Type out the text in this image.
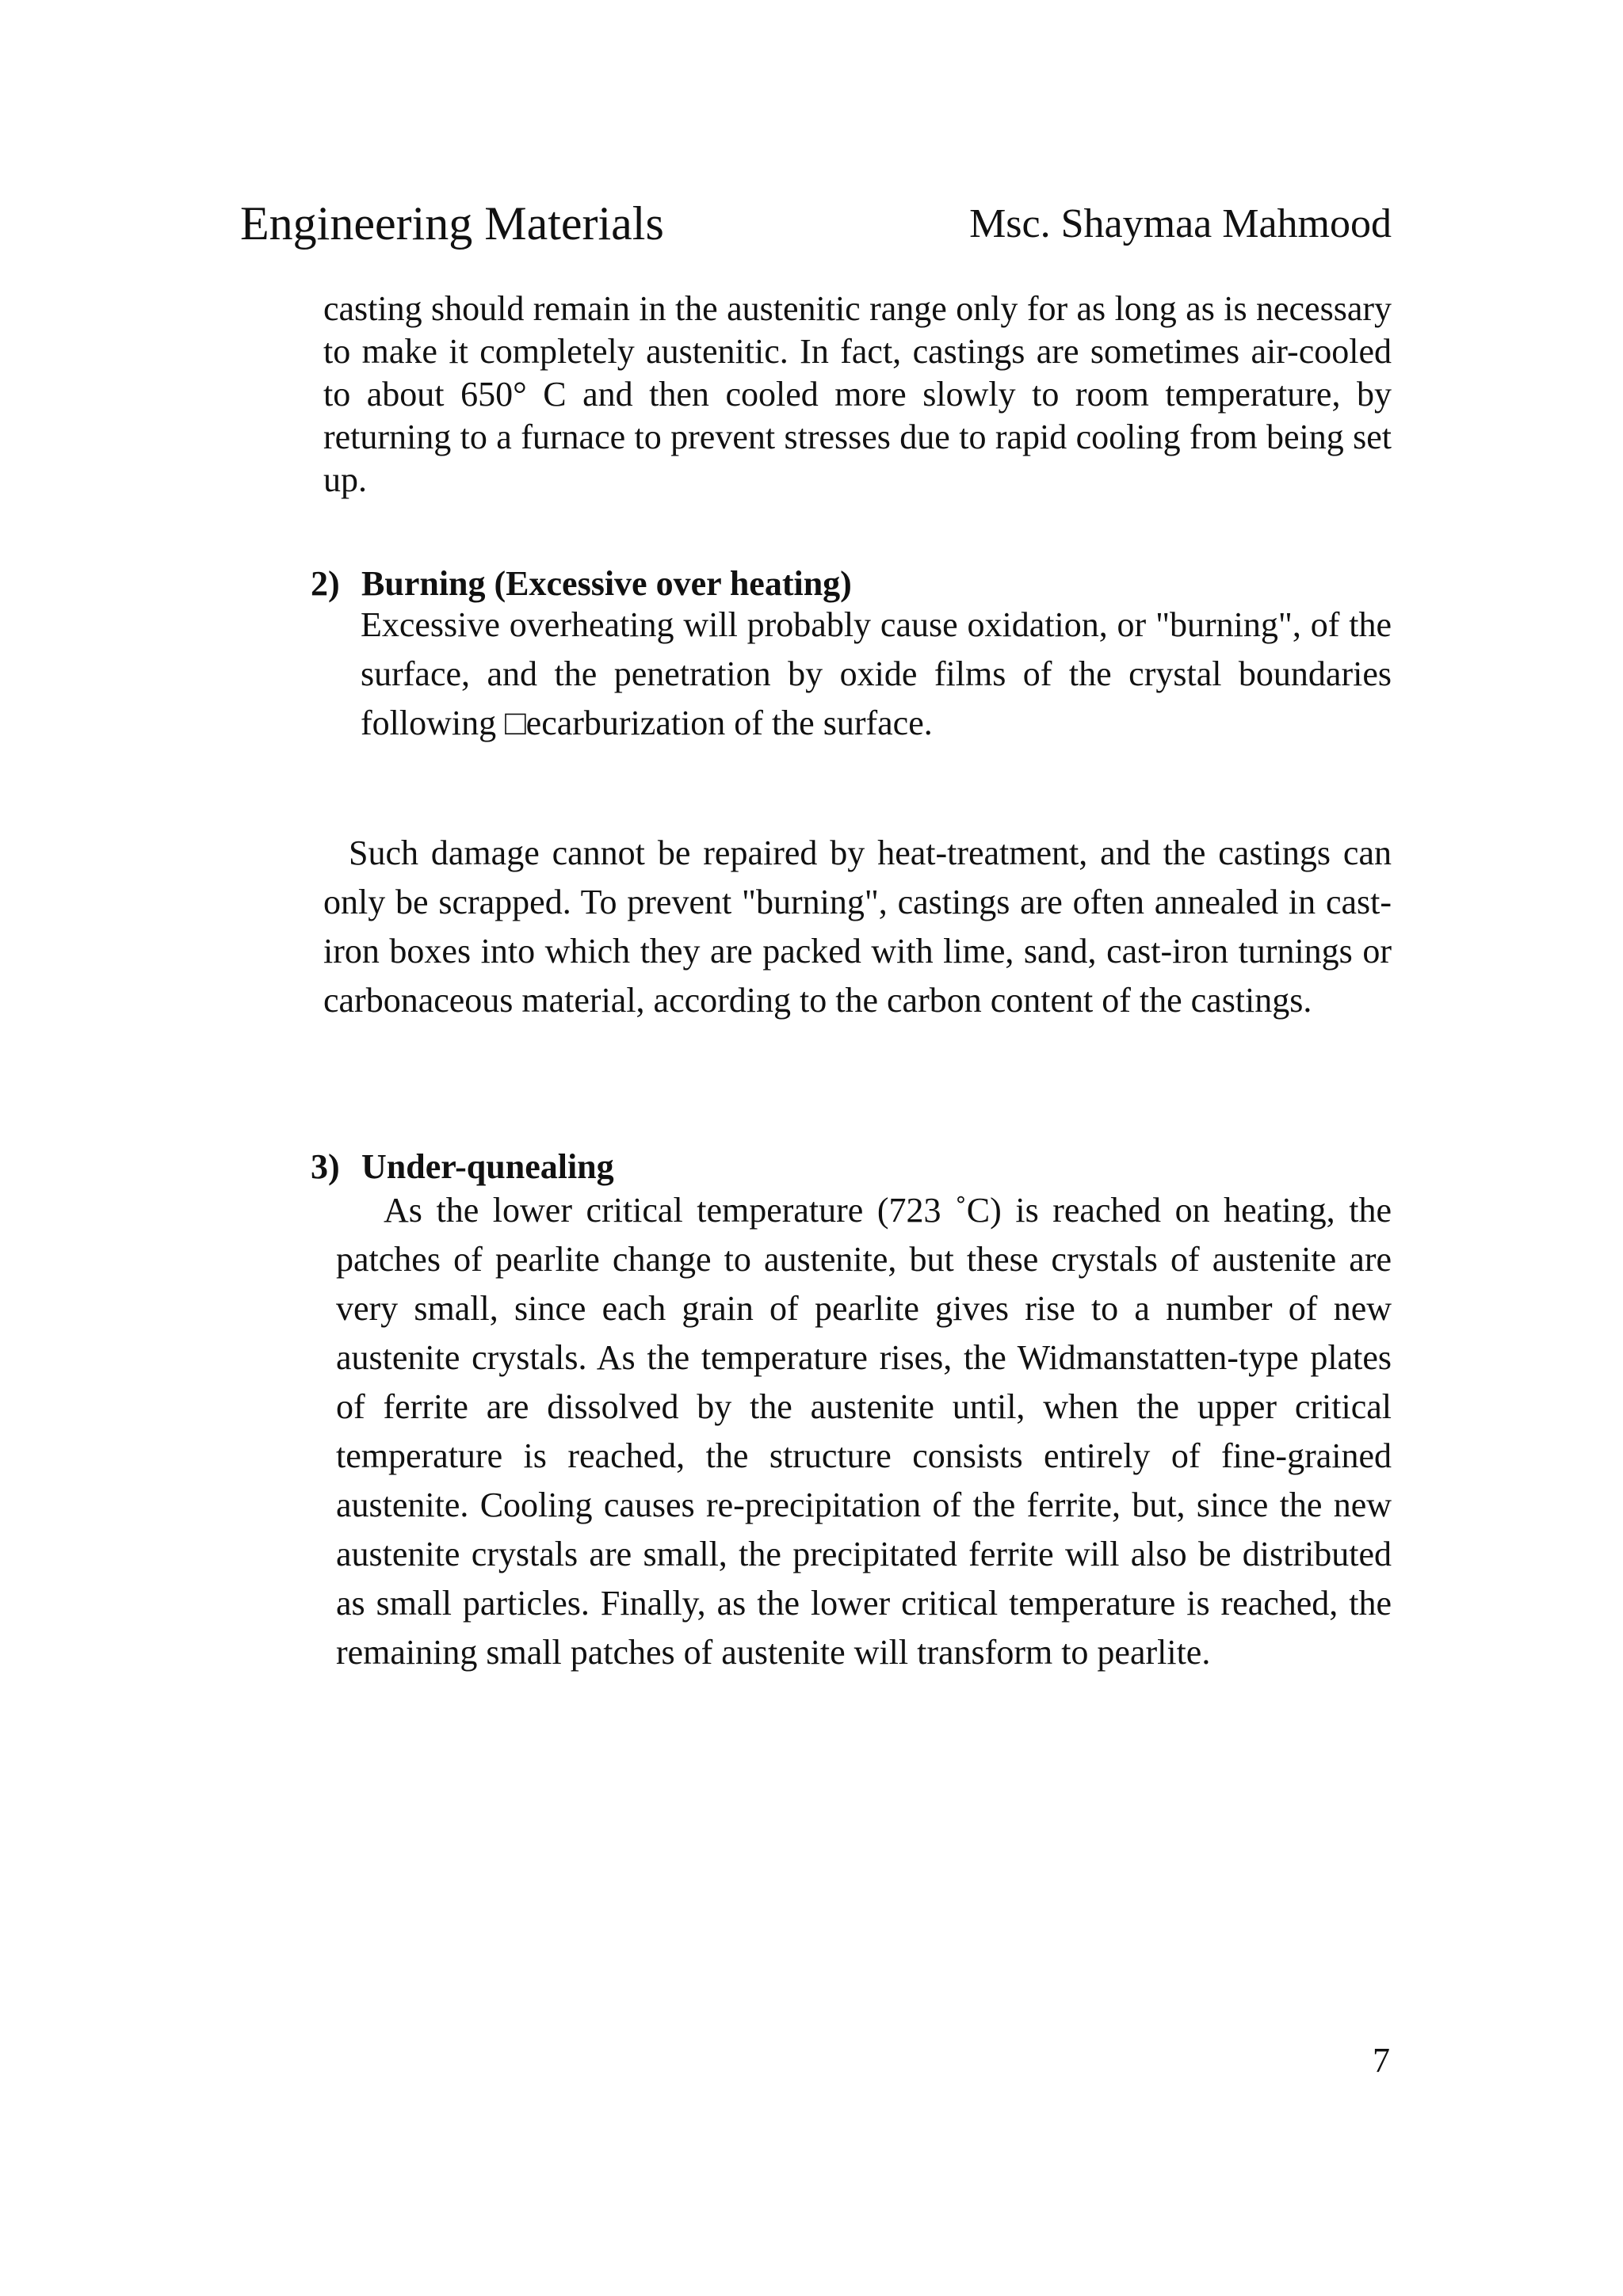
Engineering Materials	Msc. Shaymaa Mahmood

casting should remain in the austenitic range only for as long as is necessary to make it completely austenitic. In fact, castings are sometimes air-cooled to about 650° C and then cooled more slowly to room temperature, by returning to a furnace to prevent stresses due to rapid cooling from being set up.

2) Burning (Excessive over heating)

Excessive overheating will probably cause oxidation, or "burning", of the surface, and the penetration by oxide films of the crystal boundaries following □ecarburization of the surface.

Such damage cannot be repaired by heat-treatment, and the castings can only be scrapped. To prevent "burning", castings are often annealed in cast-iron boxes into which they are packed with lime, sand, cast-iron turnings or carbonaceous material, according to the carbon content of the castings.

3) Under-qunealing

As the lower critical temperature (723 ˚C) is reached on heating, the patches of pearlite change to austenite, but these crystals of austenite are very small, since each grain of pearlite gives rise to a number of new austenite crystals. As the temperature rises, the Widmanstatten-type plates of ferrite are dissolved by the austenite until, when the upper critical temperature is reached, the structure consists entirely of fine-grained austenite. Cooling causes re-precipitation of the ferrite, but, since the new austenite crystals are small, the precipitated ferrite will also be distributed as small particles. Finally, as the lower critical temperature is reached, the remaining small patches of austenite will transform to pearlite.

7
